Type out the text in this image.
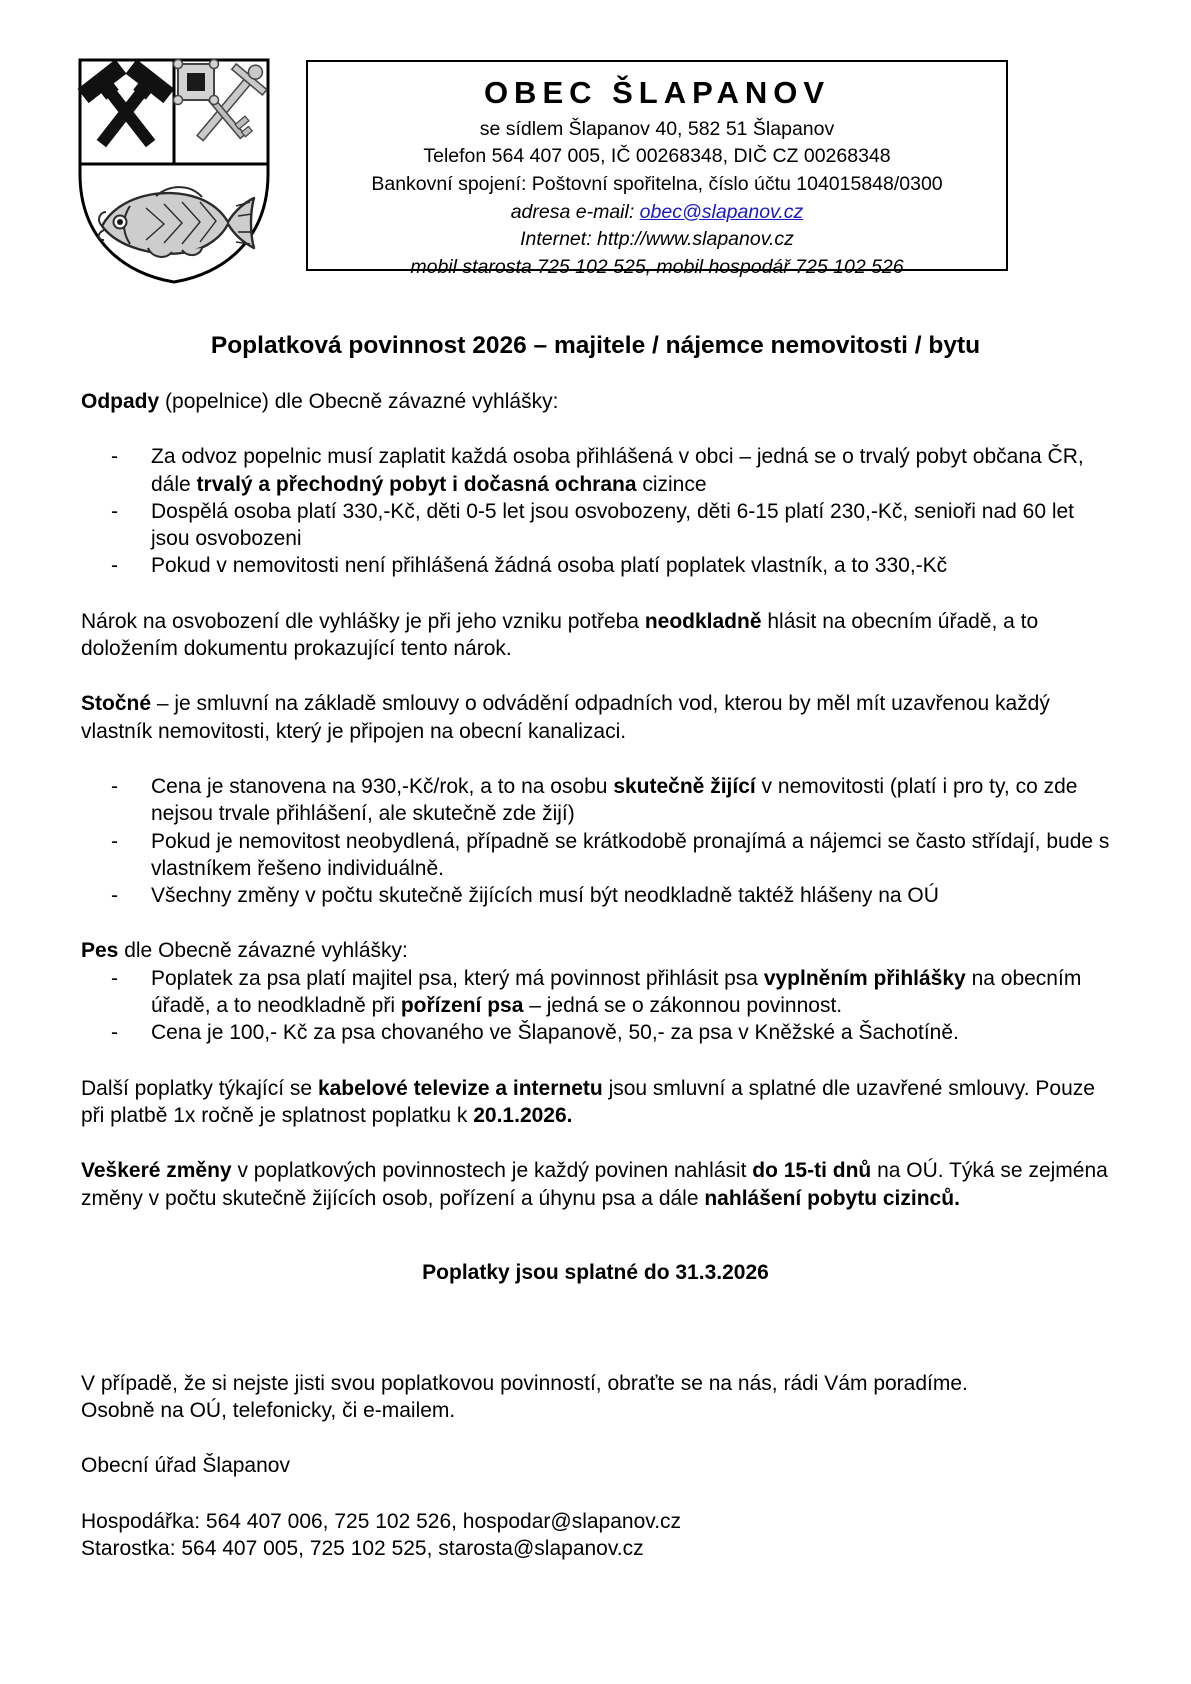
OBEC ŠLAPANOV
se sídlem Šlapanov 40, 582 51 Šlapanov
Telefon 564 407 005, IČ 00268348, DIČ CZ 00268348
Bankovní spojení: Poštovní spořitelna, číslo účtu 104015848/0300
adresa e-mail: obec@slapanov.cz
Internet: http://www.slapanov.cz
mobil starosta 725 102 525, mobil hospodář 725 102 526
Poplatková povinnost 2026 – majitele / nájemce nemovitosti / bytu

Odpady (popelnice) dle Obecně závazné vyhlášky:

- Za odvoz popelnic musí zaplatit každá osoba přihlášená v obci – jedná se o trvalý pobyt občana ČR, dále trvalý a přechodný pobyt i dočasná ochrana cizince
- Dospělá osoba platí 330,-Kč, děti 0-5 let jsou osvobozeny, děti 6-15 platí 230,-Kč, senioři nad 60 let jsou osvobozeni
- Pokud v nemovitosti není přihlášená žádná osoba platí poplatek vlastník, a to 330,-Kč

Nárok na osvobození dle vyhlášky je při jeho vzniku potřeba neodkladně hlásit na obecním úřadě, a to doložením dokumentu prokazující tento nárok.

Stočné – je smluvní na základě smlouvy o odvádění odpadních vod, kterou by měl mít uzavřenou každý vlastník nemovitosti, který je připojen na obecní kanalizaci.

- Cena je stanovena na 930,-Kč/rok, a to na osobu skutečně žijící v nemovitosti (platí i pro ty, co zde nejsou trvale přihlášení, ale skutečně zde žijí)
- Pokud je nemovitost neobydlená, případně se krátkodobě pronajímá a nájemci se často střídají, bude s vlastníkem řešeno individuálně.
- Všechny změny v počtu skutečně žijících musí být neodkladně taktéž hlášeny na OÚ

Pes dle Obecně závazné vyhlášky:

- Poplatek za psa platí majitel psa, který má povinnost přihlásit psa vyplněním přihlášky na obecním úřadě, a to neodkladně při pořízení psa – jedná se o zákonnou povinnost.
- Cena je 100,- Kč za psa chovaného ve Šlapanově, 50,- za psa v Kněžské a Šachotíně.

Další poplatky týkající se kabelové televize a internetu jsou smluvní a splatné dle uzavřené smlouvy. Pouze při platbě 1x ročně je splatnost poplatku k 20.1.2026.

Veškeré změny v poplatkových povinnostech je každý povinen nahlásit do 15-ti dnů na OÚ. Týká se zejména změny v počtu skutečně žijících osob, pořízení a úhynu psa a dále nahlášení pobytu cizinců.

Poplatky jsou splatné do 31.3.2026

V případě, že si nejste jisti svou poplatkovou povinností, obraťte se na nás, rádi Vám poradíme.

Osobně na OÚ, telefonicky, či e-mailem.

Obecní úřad Šlapanov

Hospodářka: 564 407 006, 725 102 526, hospodar@slapanov.cz

Starostka: 564 407 005, 725 102 525, starosta@slapanov.cz
